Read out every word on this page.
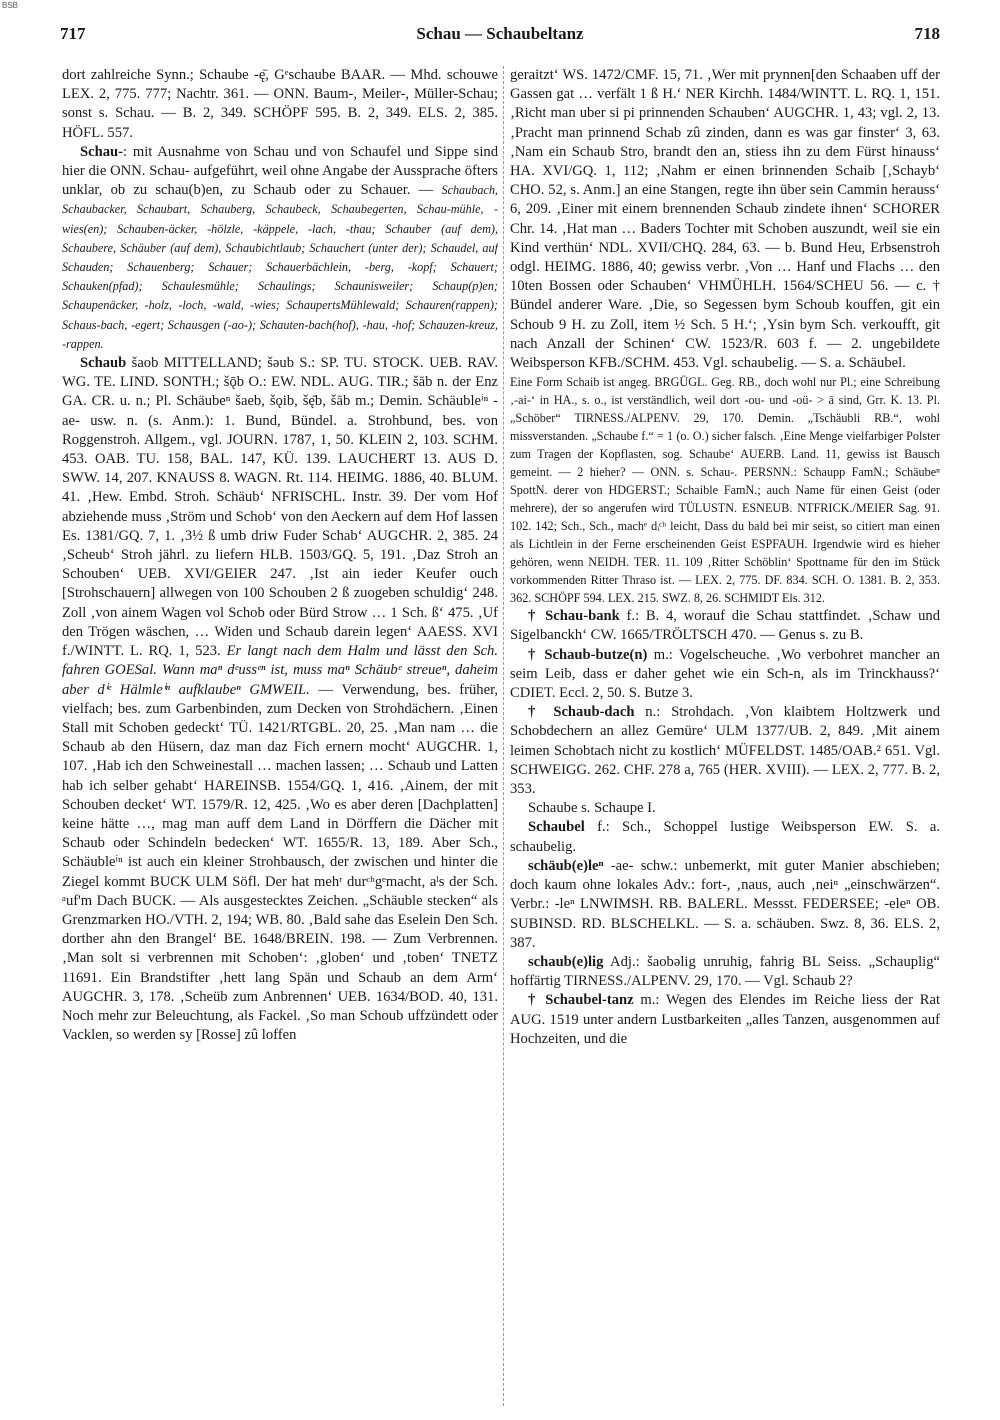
BSB
717	Schau — Schaubeltanz	718

dort zahlreiche Synn.; Schaube -ę̄, Gᵉschaube BAAR. — Mhd. schouwe LEX. 2, 775. 777; Nachtr. 361. — ONN. Baum-, Meiler-, Müller-Schau; sonst s. Schau. — B. 2, 349. SCHÖPF 595. B. 2, 349. ELS. 2, 385. HÖFL. 557.

Schau-: mit Ausnahme von Schau und von Schaufel und Sippe sind hier die ONN. Schau- aufgeführt, weil ohne Angabe der Aussprache öfters unklar, ob zu schau(b)en, zu Schaub oder zu Schauer. — Schaubach, Schaubacker, Schaubart, Schauberg, Schaubeck, Schaubegerten, Schau-mühle, -wies(en); Schauben-äcker, -hölzle, -käppele, -lach, -thau; Schauber (auf dem), Schaubere, Schäuber (auf dem), Schaubichtlaub; Schauchert (unter der); Schaudel, auf Schauden; Schauenberg; Schauer; Schauerbächlein, -berg, -kopf; Schauert; Schauken(pfad); Schaulesmühle; Schaulings; Schauniswеiler; Schaup(p)en; Schaupenäcker, -holz, -loch, -wald, -wies; SchaupertsMühlewald; Schauren(rappen); Schaus-bach, -egert; Schausgen (-ao-); Schauten-bach(hof), -hau, -hof; Schauzen-kreuz, -rappen.

Schaub šaob MITTELLAND; šəub S.: SP. TU. STOCK. UEB. RAV. WG. TE. LIND. SONTH.; šǭb O.: EW. NDL. AUG. TIR.; šāb n. der Enz GA. CR. u. n.; Pl. Schäubeⁿ šaeb, šǫib, šę̄b, šāb m.; Demin. Schäubleⁱⁿ -ae- usw. n. (s. Anm.): 1. Bund, Bündel. a. Strohbund, bes. von Roggenstroh. Allgem., vgl. JOURN. 1787, 1, 50. KLEIN 2, 103. SCHM. 453. OAB. TU. 158, BAL. 147, KÜ. 139. LAUCHERT 13. AUS D. SWW. 14, 207. KNAUSS 8. WAGN. Rt. 114. HEIMG. 1886, 40. BLUM. 41. ‚Hew. Embd. Stroh. Schäub‘ NFRISCHL. Instr. 39. Der vom Hof abziehende muss ‚Ström und Schob‘ von den Aeckern auf dem Hof lassen Es. 1381/GQ. 7, 1. ‚3½ ß umb driw Fuder Schab‘ AUGCHR. 2, 385. 24 ‚Scheub‘ Stroh jährl. zu liefern HLB. 1503/GQ. 5, 191. ‚Daz Stroh an Schouben‘ UEB. XVI/GEIER 247. ‚Ist ain ieder Keufer ouch [Strohschauern] allwegen von 100 Schouben 2 ß zuogeben schuldig‘ 248. Zoll ‚von ainem Wagen vol Schob oder Bürd Strow … 1 Sch. ß‘ 475. ‚Uf den Trögen wäschen, … Widen und Schaub darein legen‘ AAESS. XVI f./WINTT. L. RQ. 1, 523. Er langt nach dem Halm und lässt den Sch. fahren GOESal. Wann maⁿ dᵉussᵉⁿ ist, muss maⁿ Schäubᵉ streueⁿ, daheim aber dⁱᵉ Hälmleⁱⁿ aufklaubeⁿ GMWEIL. — Verwendung, bes. früher, vielfach; bes. zum Garbenbinden, zum Decken von Strohdächern. ‚Einen Stall mit Schoben gedeckt‘ TÜ. 1421/RTGBL. 20, 25. ‚Man nam … die Schaub ab den Hüsern, daz man daz Fich ernern mocht‘ AUGCHR. 1, 107. ‚Hab ich den Schweinestall … machen lassen; … Schaub und Latten hab ich selber gehabt‘ HAREINSB. 1554/GQ. 1, 416. ‚Ainem, der mit Schouben decket‘ WT. 1579/R. 12, 425. ‚Wo es aber deren [Dachplatten] keine hätte …, mag man auff dem Land in Dörffern die Dächer mit Schaub oder Schindeln bedecken‘ WT. 1655/R. 13, 189. Aber Sch., Schäubleⁱⁿ ist auch ein kleiner Strohbausch, der zwischen und hinter die Ziegel kommt BUCK ULM Söfl. Der hat mehʳ durᶜʰgᵉmacht, aˡs der Sch. ᵃuf'm Dach BUCK. — Als ausgestecktes Zeichen. „Schäuble stecken“ als Grenzmarken HO./VTH. 2, 194; WB. 80. ‚Bald sahe das Eselein Den Sch. dorther ahn den Brangel‘ BE. 1648/BREIN. 198. — Zum Verbrennen. ‚Man solt si verbrennen mit Schoben‘: ‚globen‘ und ‚toben‘ TNETZ 11691. Ein Brandstifter ‚hett lang Spän und Schaub an dem Arm‘ AUGCHR. 3, 178. ‚Scheüb zum Anbrennen‘ UEB. 1634/BOD. 40, 131. Noch mehr zur Beleuchtung, als Fackel. ‚So man Schoub uffzündett oder Vacklen, so werden sy [Rosse] zû loffen

geraitzt‘ WS. 1472/CMF. 15, 71. ‚Wer mit prynnen[den Schaaben uff der Gassen gat … verfält 1 ß H.‘ NER Kirchh. 1484/WINTT. L. RQ. 1, 151. ‚Richt man uber si pi prinnenden Schauben‘ AUGCHR. 1, 43; vgl. 2, 13. ‚Pracht man prinnend Schab zû zinden, dann es was gar finster‘ 3, 63. ‚Nam ein Schaub Stro, brandt den an, stiess ihn zu dem Fürst hinauss‘ HA. XVI/GQ. 1, 112; ‚Nahm er einen brinnenden Schaib [‚Schayb‘ CHO. 52, s. Anm.] an eine Stangen, regte ihn über sein Cammin herauss‘ 6, 209. ‚Einer mit einem brennenden Schaub zindete ihnen‘ SCHORER Chr. 14. ‚Hat man … Baders Tochter mit Schoben auszundt, weil sie ein Kind verthün‘ NDL. XVII/CHQ. 284, 63. — b. Bund Heu, Erbsenstroh odgl. HEIMG. 1886, 40; gewiss verbr. ‚Von … Hanf und Flachs … den 10ten Bossen oder Schauben‘ VHMÜHLH. 1564/SCHEU 56. — c. † Bündel anderer Ware. ‚Die, so Segessen bym Schoub kouffen, git ein Schoub 9 H. zu Zoll, item ½ Sch. 5 H.‘; ‚Ysin bym Sch. verkoufft, git nach Anzall der Schinen‘ CW. 1523/R. 603 f. — 2. ungebildete Weibsperson KFB./SCHM. 453. Vgl. schaubelig. — S. a. Schäubel.

Eine Form Schaib ist angeg. BRGÜGL. Geg. RB., doch wohl nur Pl.; eine Schreibung ‚-ai-‘ in HA., s. o., ist verständlich, weil dort -ou- und -oü- > ā sind, Grr. K. 13. Pl. „Schöber“ TIRNESS./ALPENV. 29, 170. Demin. „Tschäubli RB.“, wohl missverstanden. „Schaube f.“ = 1 (o. O.) sicher falsch. ‚Eine Menge vielfarbiger Polster zum Tragen der Kopflasten, sog. Schaube‘ AUERB. Land. 11, gewiss ist Bausch gemeint. — 2 hieher? — ONN. s. Schau-. PERSNN.: Schaupp FamN.; Schäubeⁿ SpottN. derer von HDGERST.; Schaible FamN.; auch Name für einen Geist (oder mehrere), der so angerufen wird TÜLUSTN. ESNEUB. NTFRICK./MEIER Sag. 91. 102. 142; Sch., Sch., machᵉ dᵢᶜʰ leicht, Dass du bald bei mir seist, so citiert man einen als Lichtlein in der Ferne erscheinenden Geist ESPFAUH. Irgendwie wird es hieher gehören, wenn NEIDH. TER. 11. 109 ‚Ritter Schöblin‘ Spottname für den im Stück vorkommenden Ritter Thraso ist. — LEX. 2, 775. DF. 834. SCH. O. 1381. B. 2, 353. 362. SCHÖPF 594. LEX. 215. SWZ. 8, 26. SCHMIDT Els. 312.

† Schau-bank f.: B. 4, worauf die Schau stattfindet. ‚Schaw und Sigelbanckh‘ CW. 1665/TRÖLTSCH 470. — Genus s. zu B.

† Schaub-butze(n) m.: Vogelscheuche. ‚Wo verbohret mancher an seim Leib, dass er daher gehet wie ein Sch-n, als im Trinckhauss?‘ CDIET. Eccl. 2, 50. S. Butze 3.

† Schaub-dach n.: Strohdach. ‚Von klaibtem Holtzwerk und Schobdechern an allez Gemüre‘ ULM 1377/UB. 2, 849. ‚Mit ainem leimen Schobtach nicht zu kostlich‘ MÜFELDST. 1485/OAB.² 651. Vgl. SCHWEIGG. 262. CHF. 278 a, 765 (HER. XVIII). — LEX. 2, 777. B. 2, 353.

Schaube s. Schaupe I.

Schaubel f.: Sch., Schoppel lustige Weibsperson EW. S. a. schaubelig.

schäub(e)leⁿ -ae- schw.: unbemerkt, mit guter Manier abschieben; doch kaum ohne lokales Adv.: fort-, ‚naus, auch ‚neiⁿ „einschwärzen“. Verbr.: -leⁿ LNWIMSH. RB. BALERL. Messst. FEDERSEE; -eleⁿ OB. SUBINSD. RD. BLSCHELKL. — S. a. schäuben. Swz. 8, 36. ELS. 2, 387.

schaub(e)lig Adj.: šaobəlig unruhig, fahrig BL Seiss. „Schauplig“ hoffärtig TIRNESS./ALPENV. 29, 170. — Vgl. Schaub 2?

† Schaubel-tanz m.: Wegen des Elendes im Reiche liess der Rat AUG. 1519 unter andern Lustbarkeiten „alles Tanzen, ausgenommen auf Hochzeiten, und die
